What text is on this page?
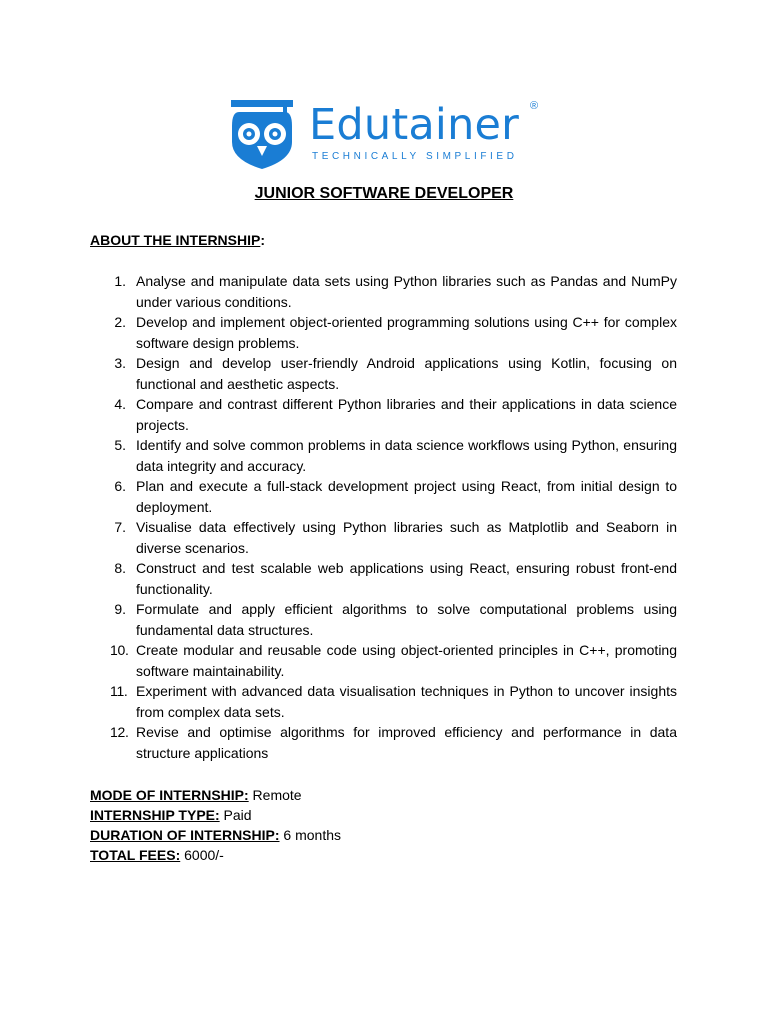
Edutainer ®
TECHNICALLY SIMPLIFIED
JUNIOR SOFTWARE DEVELOPER
ABOUT THE INTERNSHIP:
1. Analyse and manipulate data sets using Python libraries such as Pandas and NumPy under various conditions.
2. Develop and implement object-oriented programming solutions using C++ for complex software design problems.
3. Design and develop user-friendly Android applications using Kotlin, focusing on functional and aesthetic aspects.
4. Compare and contrast different Python libraries and their applications in data science projects.
5. Identify and solve common problems in data science workflows using Python, ensuring data integrity and accuracy.
6. Plan and execute a full-stack development project using React, from initial design to deployment.
7. Visualise data effectively using Python libraries such as Matplotlib and Seaborn in diverse scenarios.
8. Construct and test scalable web applications using React, ensuring robust front-end functionality.
9. Formulate and apply efficient algorithms to solve computational problems using fundamental data structures.
10. Create modular and reusable code using object-oriented principles in C++, promoting software maintainability.
11. Experiment with advanced data visualisation techniques in Python to uncover insights from complex data sets.
12. Revise and optimise algorithms for improved efficiency and performance in data structure applications
MODE OF INTERNSHIP: Remote
INTERNSHIP TYPE: Paid
DURATION OF INTERNSHIP: 6 months
TOTAL FEES: 6000/-
